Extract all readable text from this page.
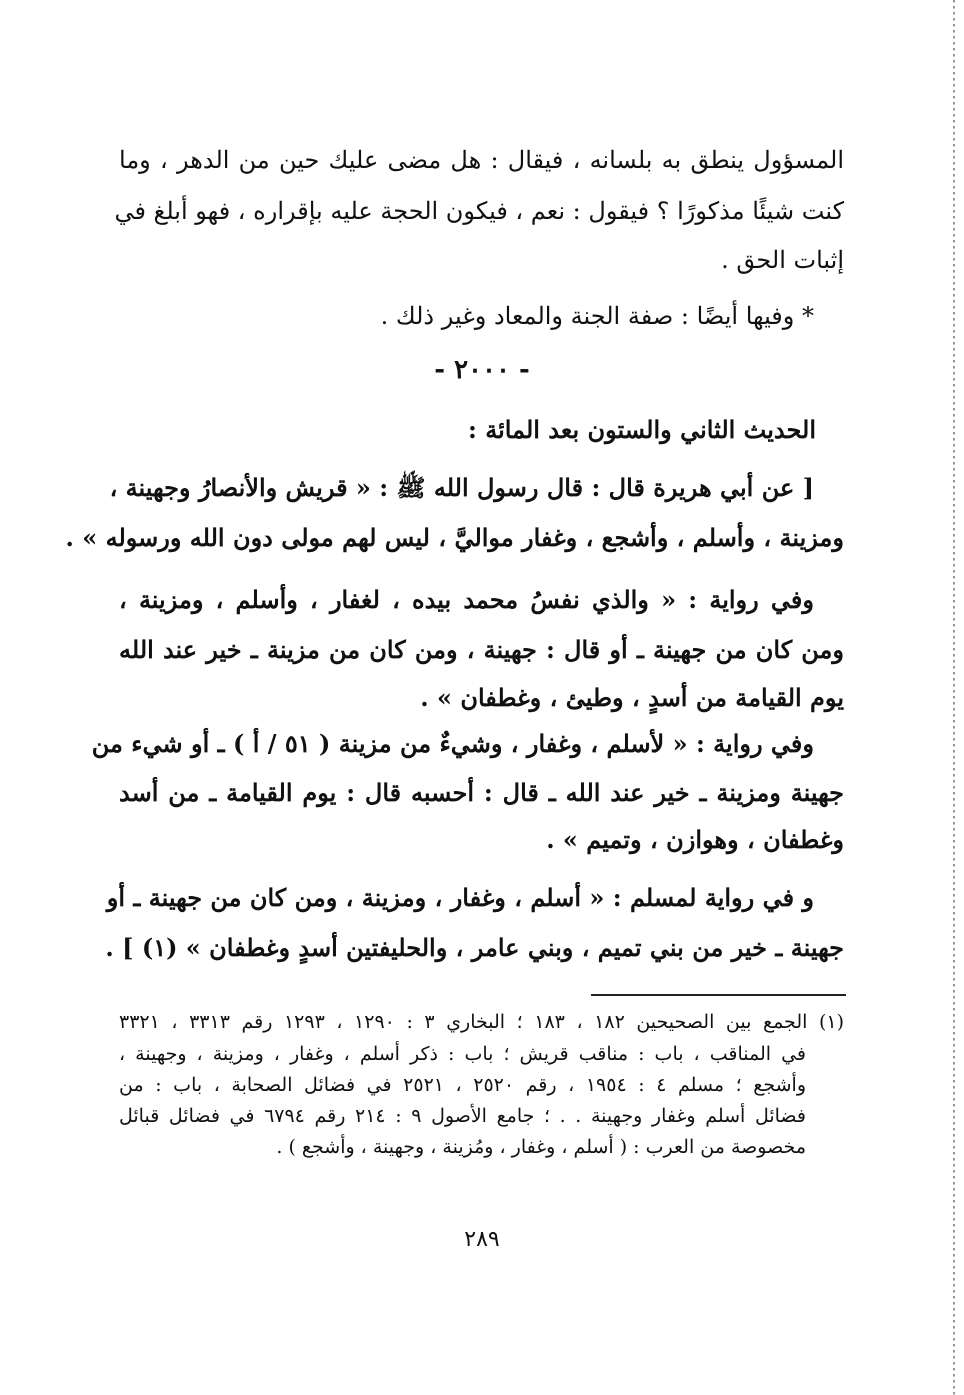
المسؤول ينطق به بلسانه ، فيقال : هل مضى عليك حين من الدهر ، وما
كنت شيئًا مذكورًا ؟ فيقول : نعم ، فيكون الحجة عليه بإقراره ، فهو أبلغ في
إثبات الحق .
* وفيها أيضًا : صفة الجنة والمعاد وغير ذلك .
- ٢٠٠٠ -
الحديث الثاني والستون بعد المائة :
[ عن أبي هريرة قال : قال رسول الله ﷺ : « قريش والأنصارُ وجهينة ،
ومزينة ، وأسلم ، وأشجع ، وغفار مواليَّ ، ليس لهم مولى دون الله ورسوله » .
وفي رواية : « والذي نفسُ محمد بيده ، لغفار ، وأسلم ، ومزينة ،
ومن كان من جهينة ـ أو قال : جهينة ، ومن كان من مزينة ـ خير عند الله
يوم القيامة من أسدٍ ، وطيئ ، وغطفان » .
وفي رواية : « لأسلم ، وغفار ، وشيءٌ من مزينة ( ٥١ / أ ) ـ أو شيء من
جهينة ومزينة ـ خير عند الله ـ قال : أحسبه قال : يوم القيامة ـ من أسد
وغطفان ، وهوازن ، وتميم » .
و في رواية لمسلم : « أسلم ، وغفار ، ومزينة ، ومن كان من جهينة ـ أو
جهينة ـ خير من بني تميم ، وبني عامر ، والحليفتين أسدٍ وغطفان » (١) ] .
(١) الجمع بين الصحيحين ١٨٢ ، ١٨٣ ؛ البخاري ٣ : ١٢٩٠ ، ١٢٩٣ رقم ٣٣١٣ ، ٣٣٢١
في المناقب ، باب : مناقب قريش ؛ باب : ذكر أسلم ، وغفار ، ومزينة ، وجهينة ،
وأشجع ؛ مسلم ٤ : ١٩٥٤ ، رقم ٢٥٢٠ ، ٢٥٢١ في فضائل الصحابة ، باب : من
فضائل أسلم وغفار وجهينة . . ؛ جامع الأصول ٩ : ٢١٤ رقم ٦٧٩٤ في فضائل قبائل
مخصوصة من العرب : ( أسلم ، وغفار ، ومُزينة ، وجهينة ، وأشجع ) .
٢٨٩
